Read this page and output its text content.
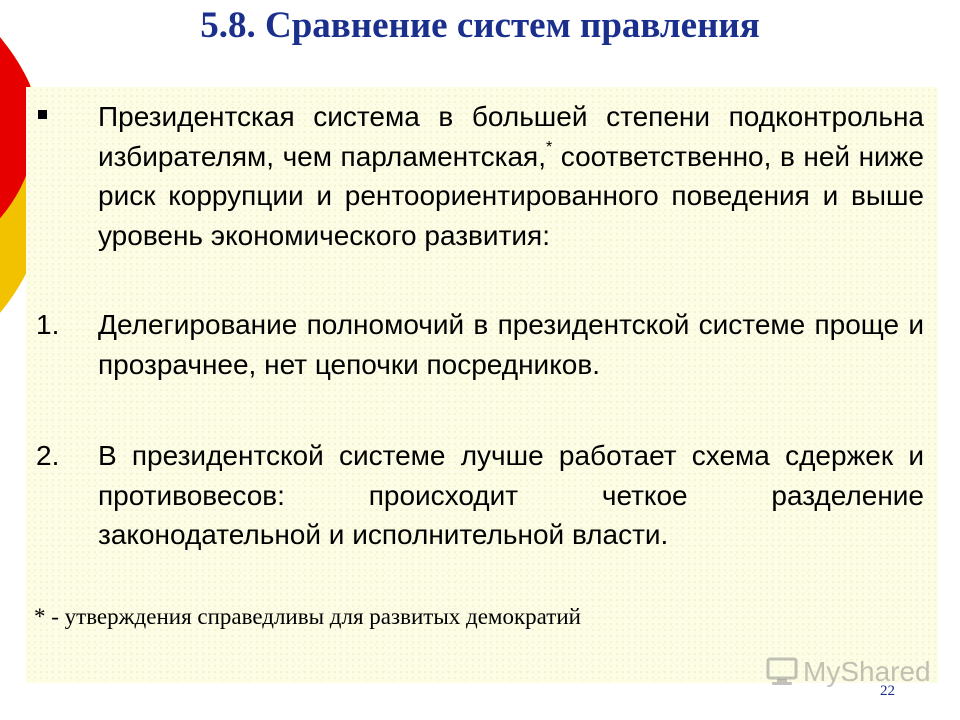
5.8. Сравнение систем правления
Президентская система в большей степени подконтрольна избирателям, чем парламентская,* соответственно, в ней ниже риск коррупции и рентоориентированного поведения и выше уровень экономического развития:
1. Делегирование полномочий в президентской системе проще и прозрачнее, нет цепочки посредников.
2. В президентской системе лучше работает схема сдержек и противовесов: происходит четкое разделение законодательной и исполнительной власти.
* - утверждения справедливы для развитых демократий
MyShared
22
